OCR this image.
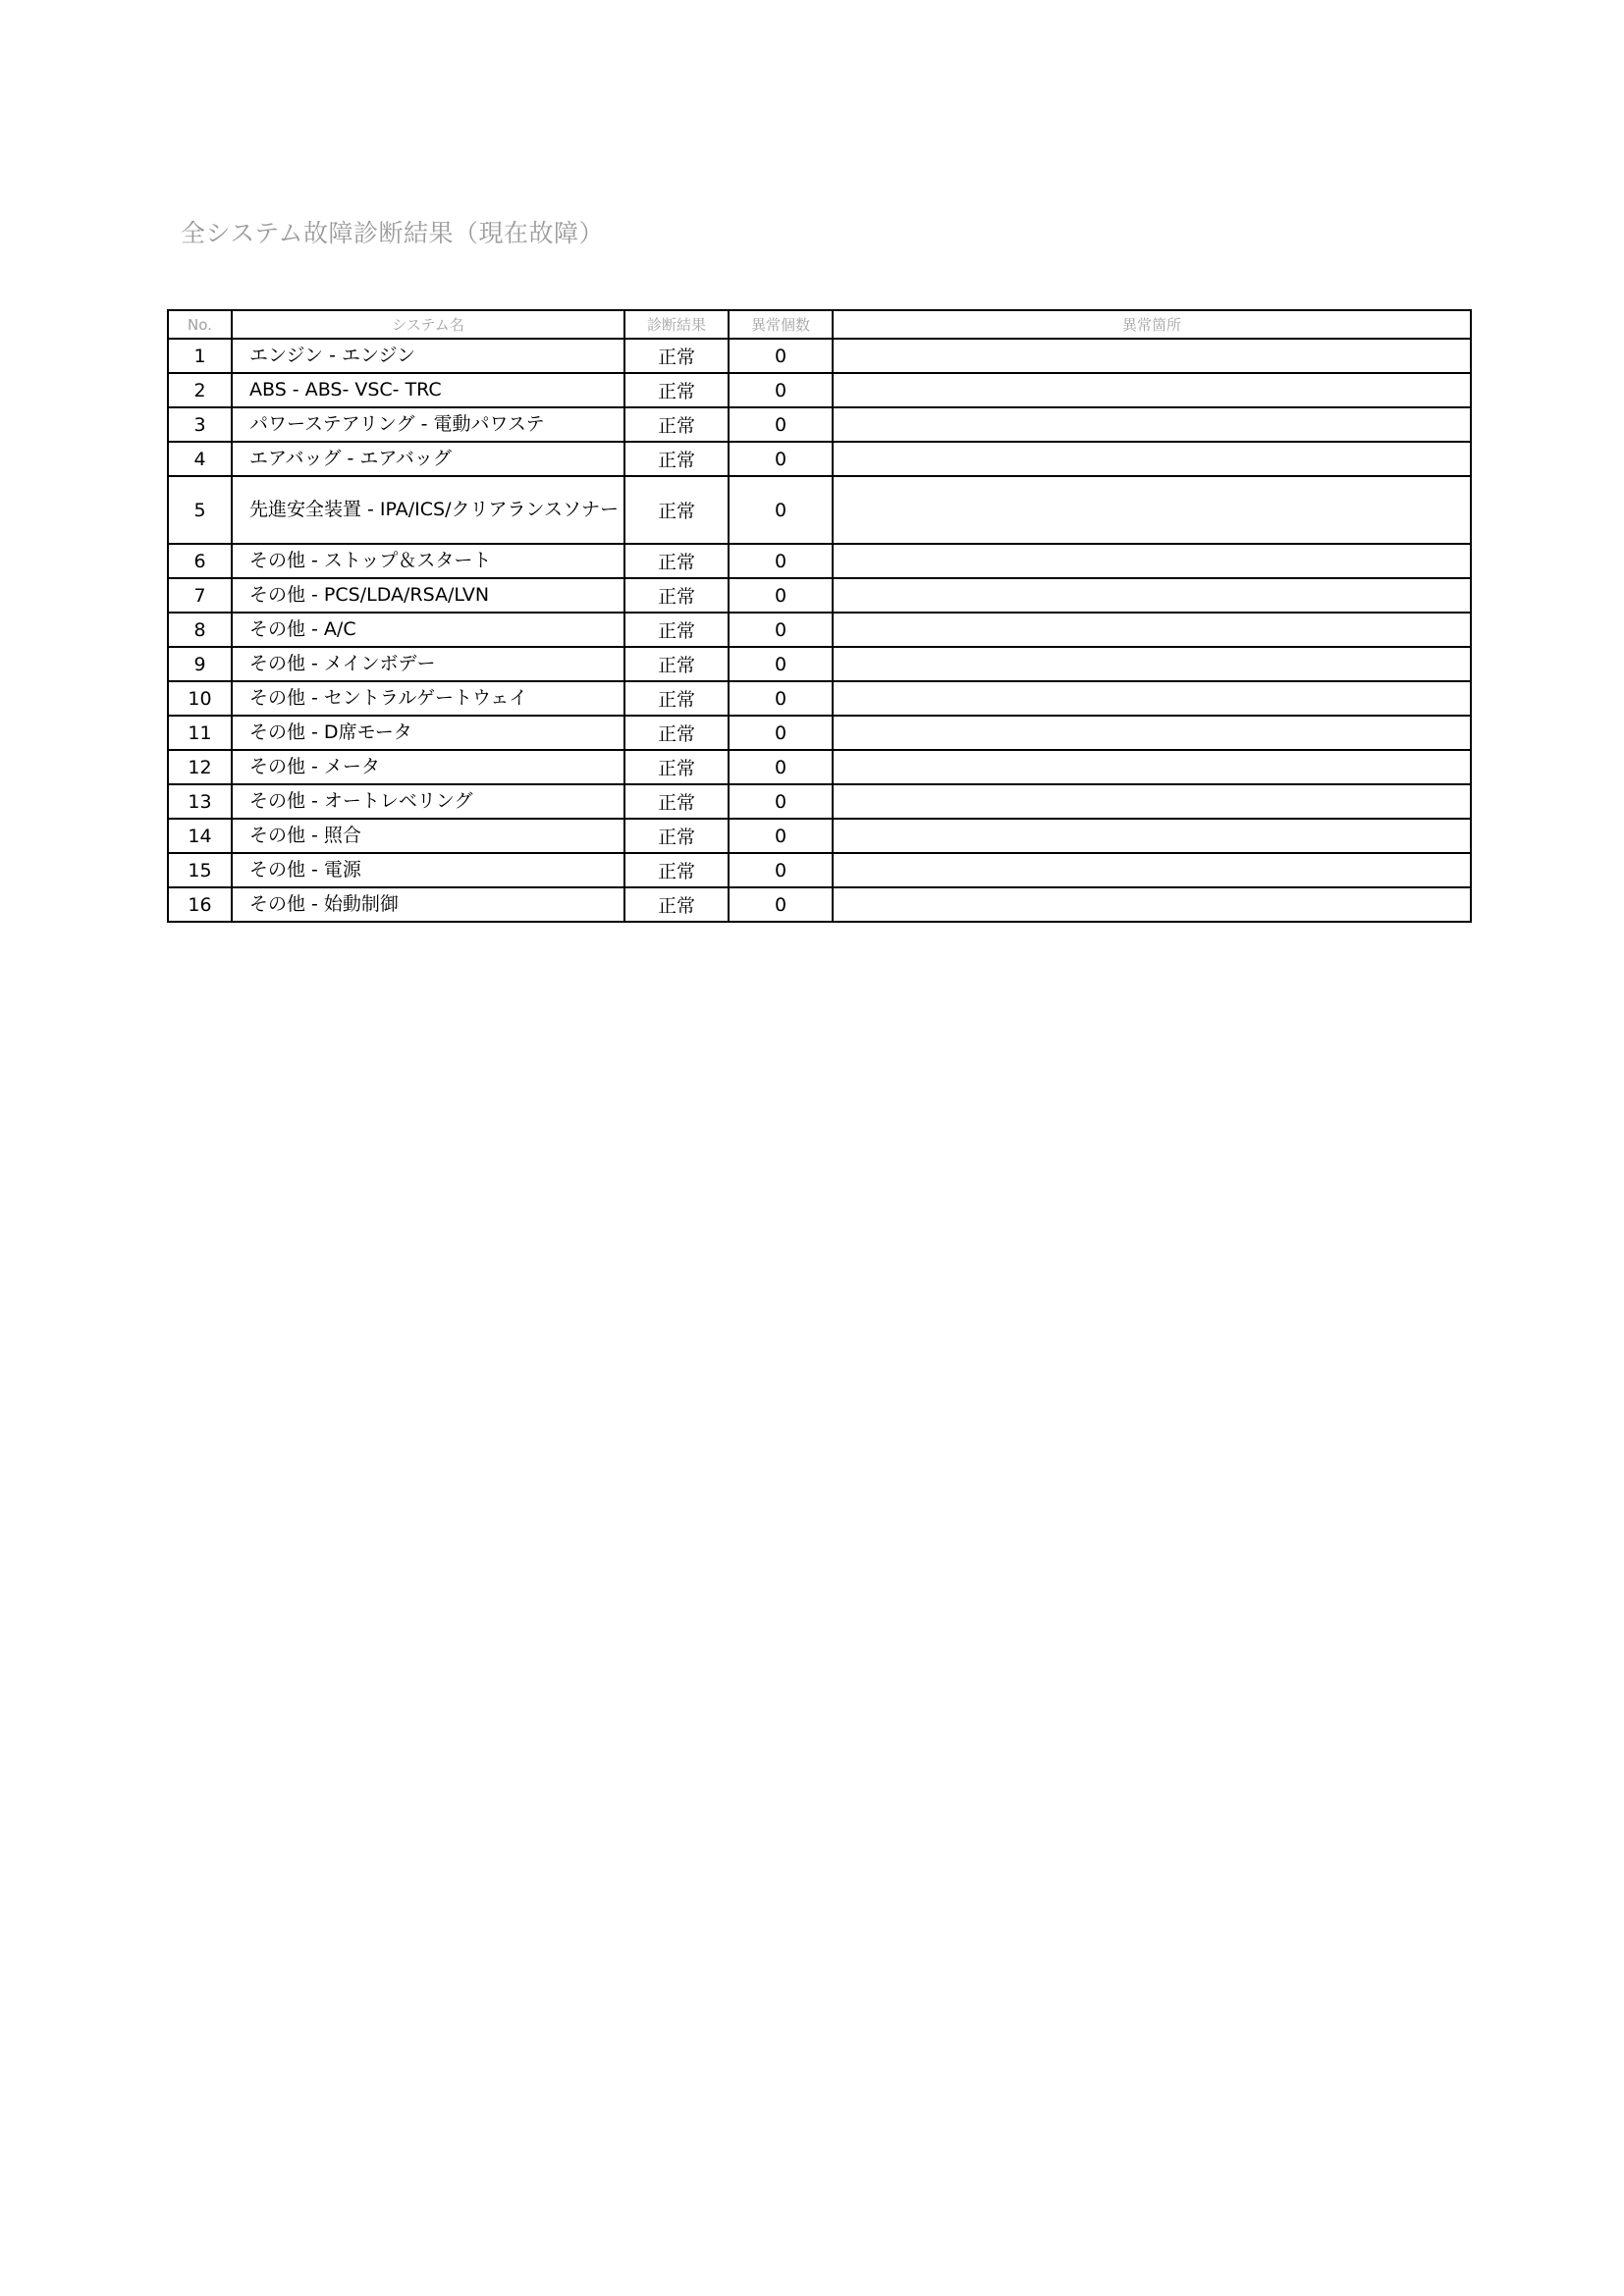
全システム故障診断結果（現在故障）
No.	システム名	診断結果	異常個数	異常箇所
1	エンジン - エンジン	正常	0	
2	ABS - ABS- VSC- TRC	正常	0	
3	パワーステアリング - 電動パワステ	正常	0	
4	エアバッグ - エアバッグ	正常	0	
5	先進安全装置 - IPA/ICS/クリアランスソナー	正常	0	
6	その他 - ストップ＆スタート	正常	0	
7	その他 - PCS/LDA/RSA/LVN	正常	0	
8	その他 - A/C	正常	0	
9	その他 - メインボデー	正常	0	
10	その他 - セントラルゲートウェイ	正常	0	
11	その他 - D席モータ	正常	0	
12	その他 - メータ	正常	0	
13	その他 - オートレベリング	正常	0	
14	その他 - 照合	正常	0	
15	その他 - 電源	正常	0	
16	その他 - 始動制御	正常	0	
